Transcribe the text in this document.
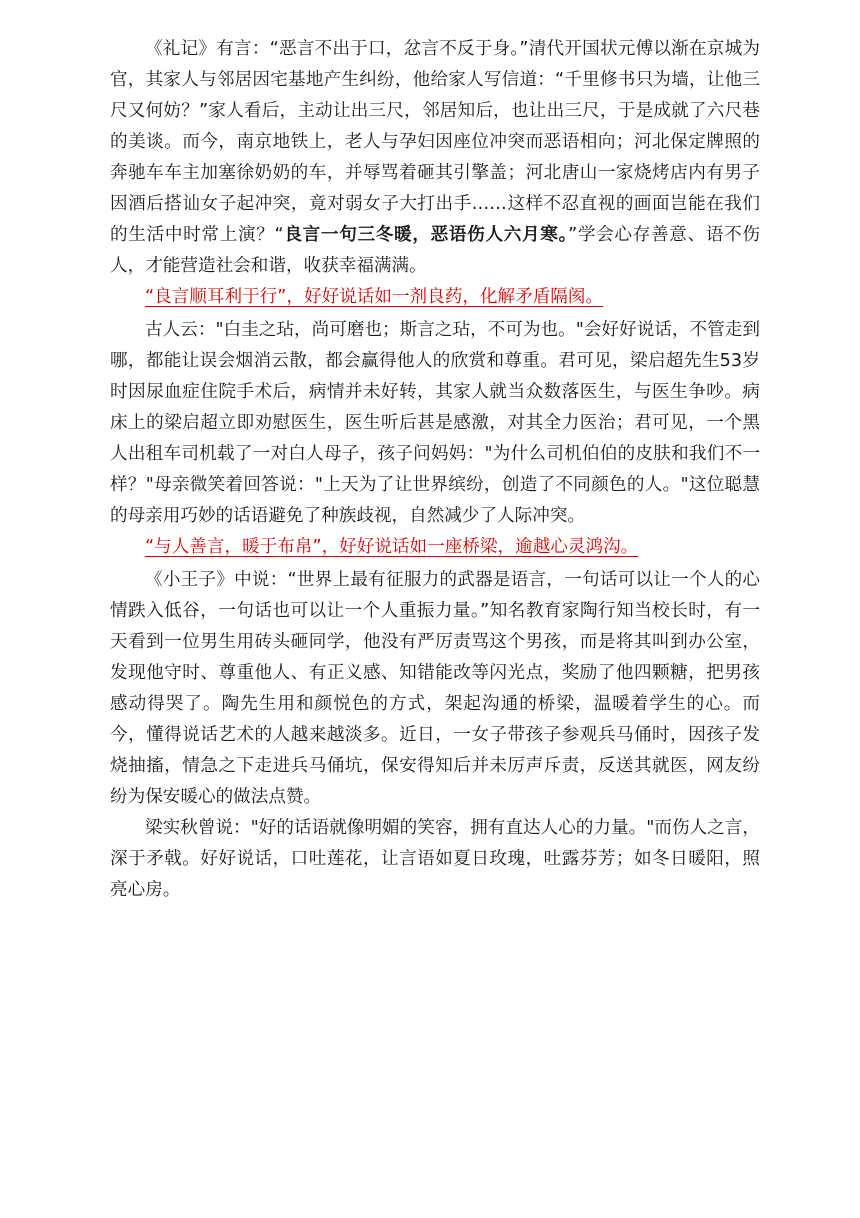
《礼记》有言：“恶言不出于口，忿言不反于身。”清代开国状元傅以渐在京城为官，其家人与邻居因宅基地产生纠纷，他给家人写信道：“千里修书只为墙，让他三尺又何妨？”家人看后，主动让出三尺，邻居知后，也让出三尺，于是成就了六尺巷的美谈。而今，南京地铁上，老人与孕妇因座位冲突而恶语相向；河北保定牌照的奔驰车车主加塞徐奶奶的车，并辱骂着砸其引擎盖；河北唐山一家烧烤店内有男子因酒后搭讪女子起冲突，竟对弱女子大打出手……这样不忍直视的画面岂能在我们的生活中时常上演？“良言一句三冬暖，恶语伤人六月寒。”学会心存善意、语不伤人，才能营造社会和谐，收获幸福满满。

“良言顺耳利于行”，好好说话如一剂良药，化解矛盾隔阂。

古人云："白圭之玷，尚可磨也；斯言之玷，不可为也。"会好好说话，不管走到哪，都能让误会烟消云散，都会赢得他人的欣赏和尊重。君可见，梁启超先生53岁时因尿血症住院手术后，病情并未好转，其家人就当众数落医生，与医生争吵。病床上的梁启超立即劝慰医生，医生听后甚是感激，对其全力医治；君可见，一个黑人出租车司机载了一对白人母子，孩子问妈妈："为什么司机伯伯的皮肤和我们不一样？"母亲微笑着回答说："上天为了让世界缤纷，创造了不同颜色的人。"这位聪慧的母亲用巧妙的话语避免了种族歧视，自然减少了人际冲突。

“与人善言，暖于布帛”，好好说话如一座桥梁，逾越心灵鸿沟。

《小王子》中说：“世界上最有征服力的武器是语言，一句话可以让一个人的心情跌入低谷，一句话也可以让一个人重振力量。”知名教育家陶行知当校长时，有一天看到一位男生用砖头砸同学，他没有严厉责骂这个男孩，而是将其叫到办公室，发现他守时、尊重他人、有正义感、知错能改等闪光点，奖励了他四颗糖，把男孩感动得哭了。陶先生用和颜悦色的方式，架起沟通的桥梁，温暖着学生的心。而今，懂得说话艺术的人越来越淡多。近日，一女子带孩子参观兵马俑时，因孩子发烧抽搐，情急之下走进兵马俑坑，保安得知后并未厉声斥责，反送其就医，网友纷纷为保安暖心的做法点赞。

梁实秋曾说："好的话语就像明媚的笑容，拥有直达人心的力量。"而伤人之言，深于矛戟。好好说话，口吐莲花，让言语如夏日玫瑰，吐露芬芳；如冬日暖阳，照亮心房。
